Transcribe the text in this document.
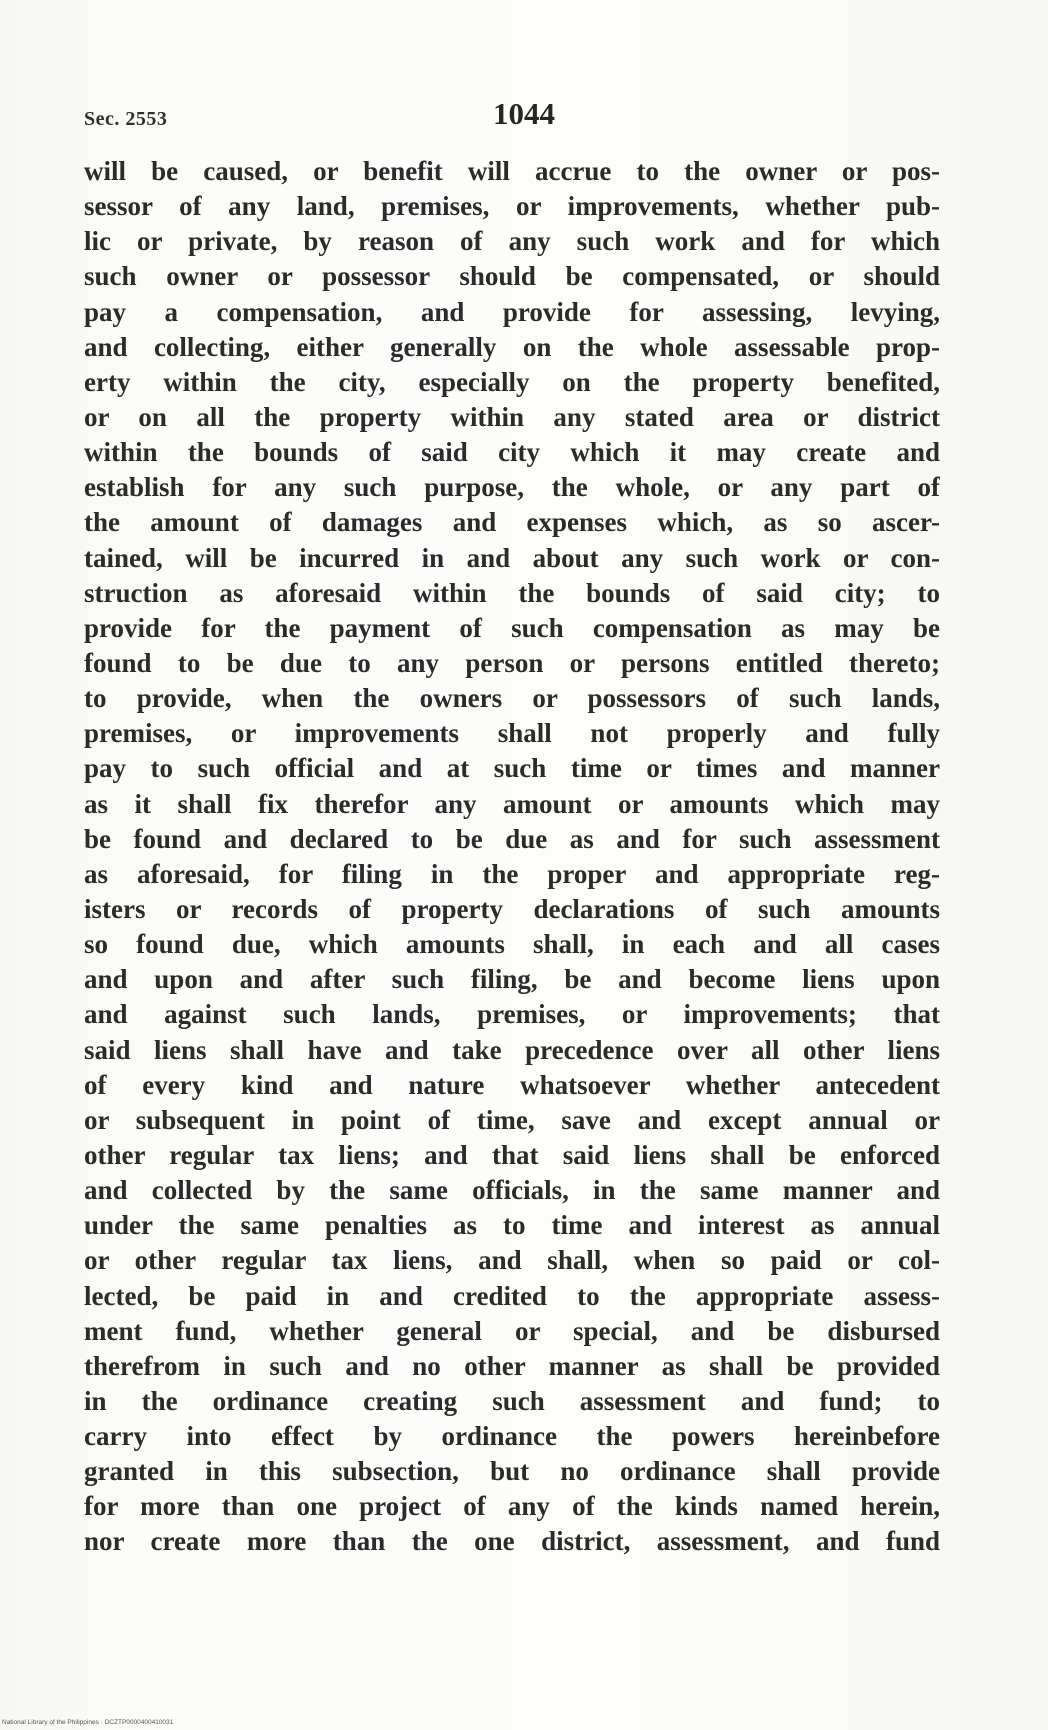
Sec. 2553	1044
will be caused, or benefit will accrue to the owner or pos-
sessor of any land, premises, or improvements, whether pub-
lic or private, by reason of any such work and for which
such owner or possessor should be compensated, or should
pay a compensation, and provide for assessing, levying,
and collecting, either generally on the whole assessable prop-
erty within the city, especially on the property benefited,
or on all the property within any stated area or district
within the bounds of said city which it may create and
establish for any such purpose, the whole, or any part of
the amount of damages and expenses which, as so ascer-
tained, will be incurred in and about any such work or con-
struction as aforesaid within the bounds of said city; to
provide for the payment of such compensation as may be
found to be due to any person or persons entitled thereto;
to provide, when the owners or possessors of such lands,
premises, or improvements shall not properly and fully
pay to such official and at such time or times and manner
as it shall fix therefor any amount or amounts which may
be found and declared to be due as and for such assessment
as aforesaid, for filing in the proper and appropriate reg-
isters or records of property declarations of such amounts
so found due, which amounts shall, in each and all cases
and upon and after such filing, be and become liens upon
and against such lands, premises, or improvements; that
said liens shall have and take precedence over all other liens
of every kind and nature whatsoever whether antecedent
or subsequent in point of time, save and except annual or
other regular tax liens; and that said liens shall be enforced
and collected by the same officials, in the same manner and
under the same penalties as to time and interest as annual
or other regular tax liens, and shall, when so paid or col-
lected, be paid in and credited to the appropriate assess-
ment fund, whether general or special, and be disbursed
therefrom in such and no other manner as shall be provided
in the ordinance creating such assessment and fund; to
carry into effect by ordinance the powers hereinbefore
granted in this subsection, but no ordinance shall provide
for more than one project of any of the kinds named herein,
nor create more than the one district, assessment, and fund
National Library of the Philippines · DCZTP0000400410031
